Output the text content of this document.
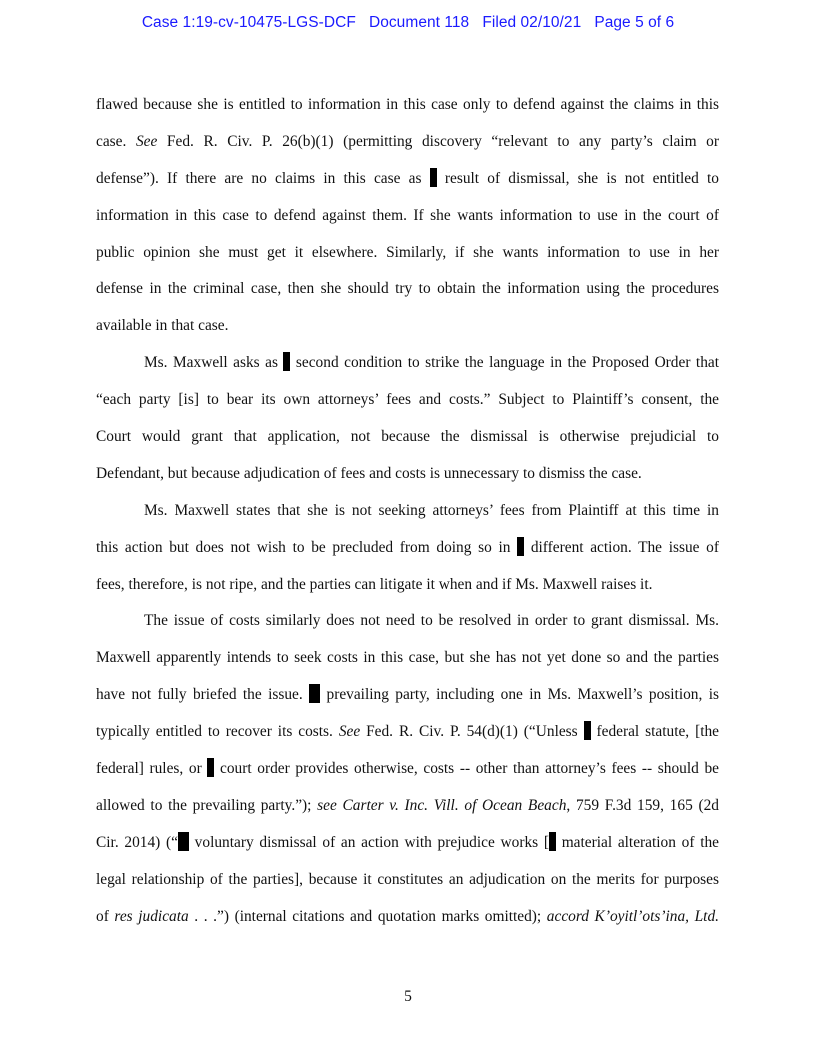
Case 1:19-cv-10475-LGS-DCF Document 118 Filed 02/10/21 Page 5 of 6
flawed because she is entitled to information in this case only to defend against the claims in this
case. See Fed. R. Civ. P. 26(b)(1) (permitting discovery “relevant to any party’s claim or
defense”). If there are no claims in this case as  result of dismissal, she is not entitled to
information in this case to defend against them. If she wants information to use in the court of
public opinion she must get it elsewhere. Similarly, if she wants information to use in her
defense in the criminal case, then she should try to obtain the information using the procedures
available in that case.
Ms. Maxwell asks as  second condition to strike the language in the Proposed Order that
“each party [is] to bear its own attorneys’ fees and costs.” Subject to Plaintiff’s consent, the
Court would grant that application, not because the dismissal is otherwise prejudicial to
Defendant, but because adjudication of fees and costs is unnecessary to dismiss the case.
Ms. Maxwell states that she is not seeking attorneys’ fees from Plaintiff at this time in
this action but does not wish to be precluded from doing so in  different action. The issue of
fees, therefore, is not ripe, and the parties can litigate it when and if Ms. Maxwell raises it.
The issue of costs similarly does not need to be resolved in order to grant dismissal. Ms.
Maxwell apparently intends to seek costs in this case, but she has not yet done so and the parties
have not fully briefed the issue.  prevailing party, including one in Ms. Maxwell’s position, is
typically entitled to recover its costs. See Fed. R. Civ. P. 54(d)(1) (“Unless  federal statute, [the
federal] rules, or  court order provides otherwise, costs -- other than attorney’s fees -- should be
allowed to the prevailing party.”); see Carter v. Inc. Vill. of Ocean Beach, 759 F.3d 159, 165 (2d
Cir. 2014) (“ voluntary dismissal of an action with prejudice works [ material alteration of the
legal relationship of the parties], because it constitutes an adjudication on the merits for purposes
of res judicata . . .”) (internal citations and quotation marks omitted); accord K’oyitl’ots’ina, Ltd.
5
